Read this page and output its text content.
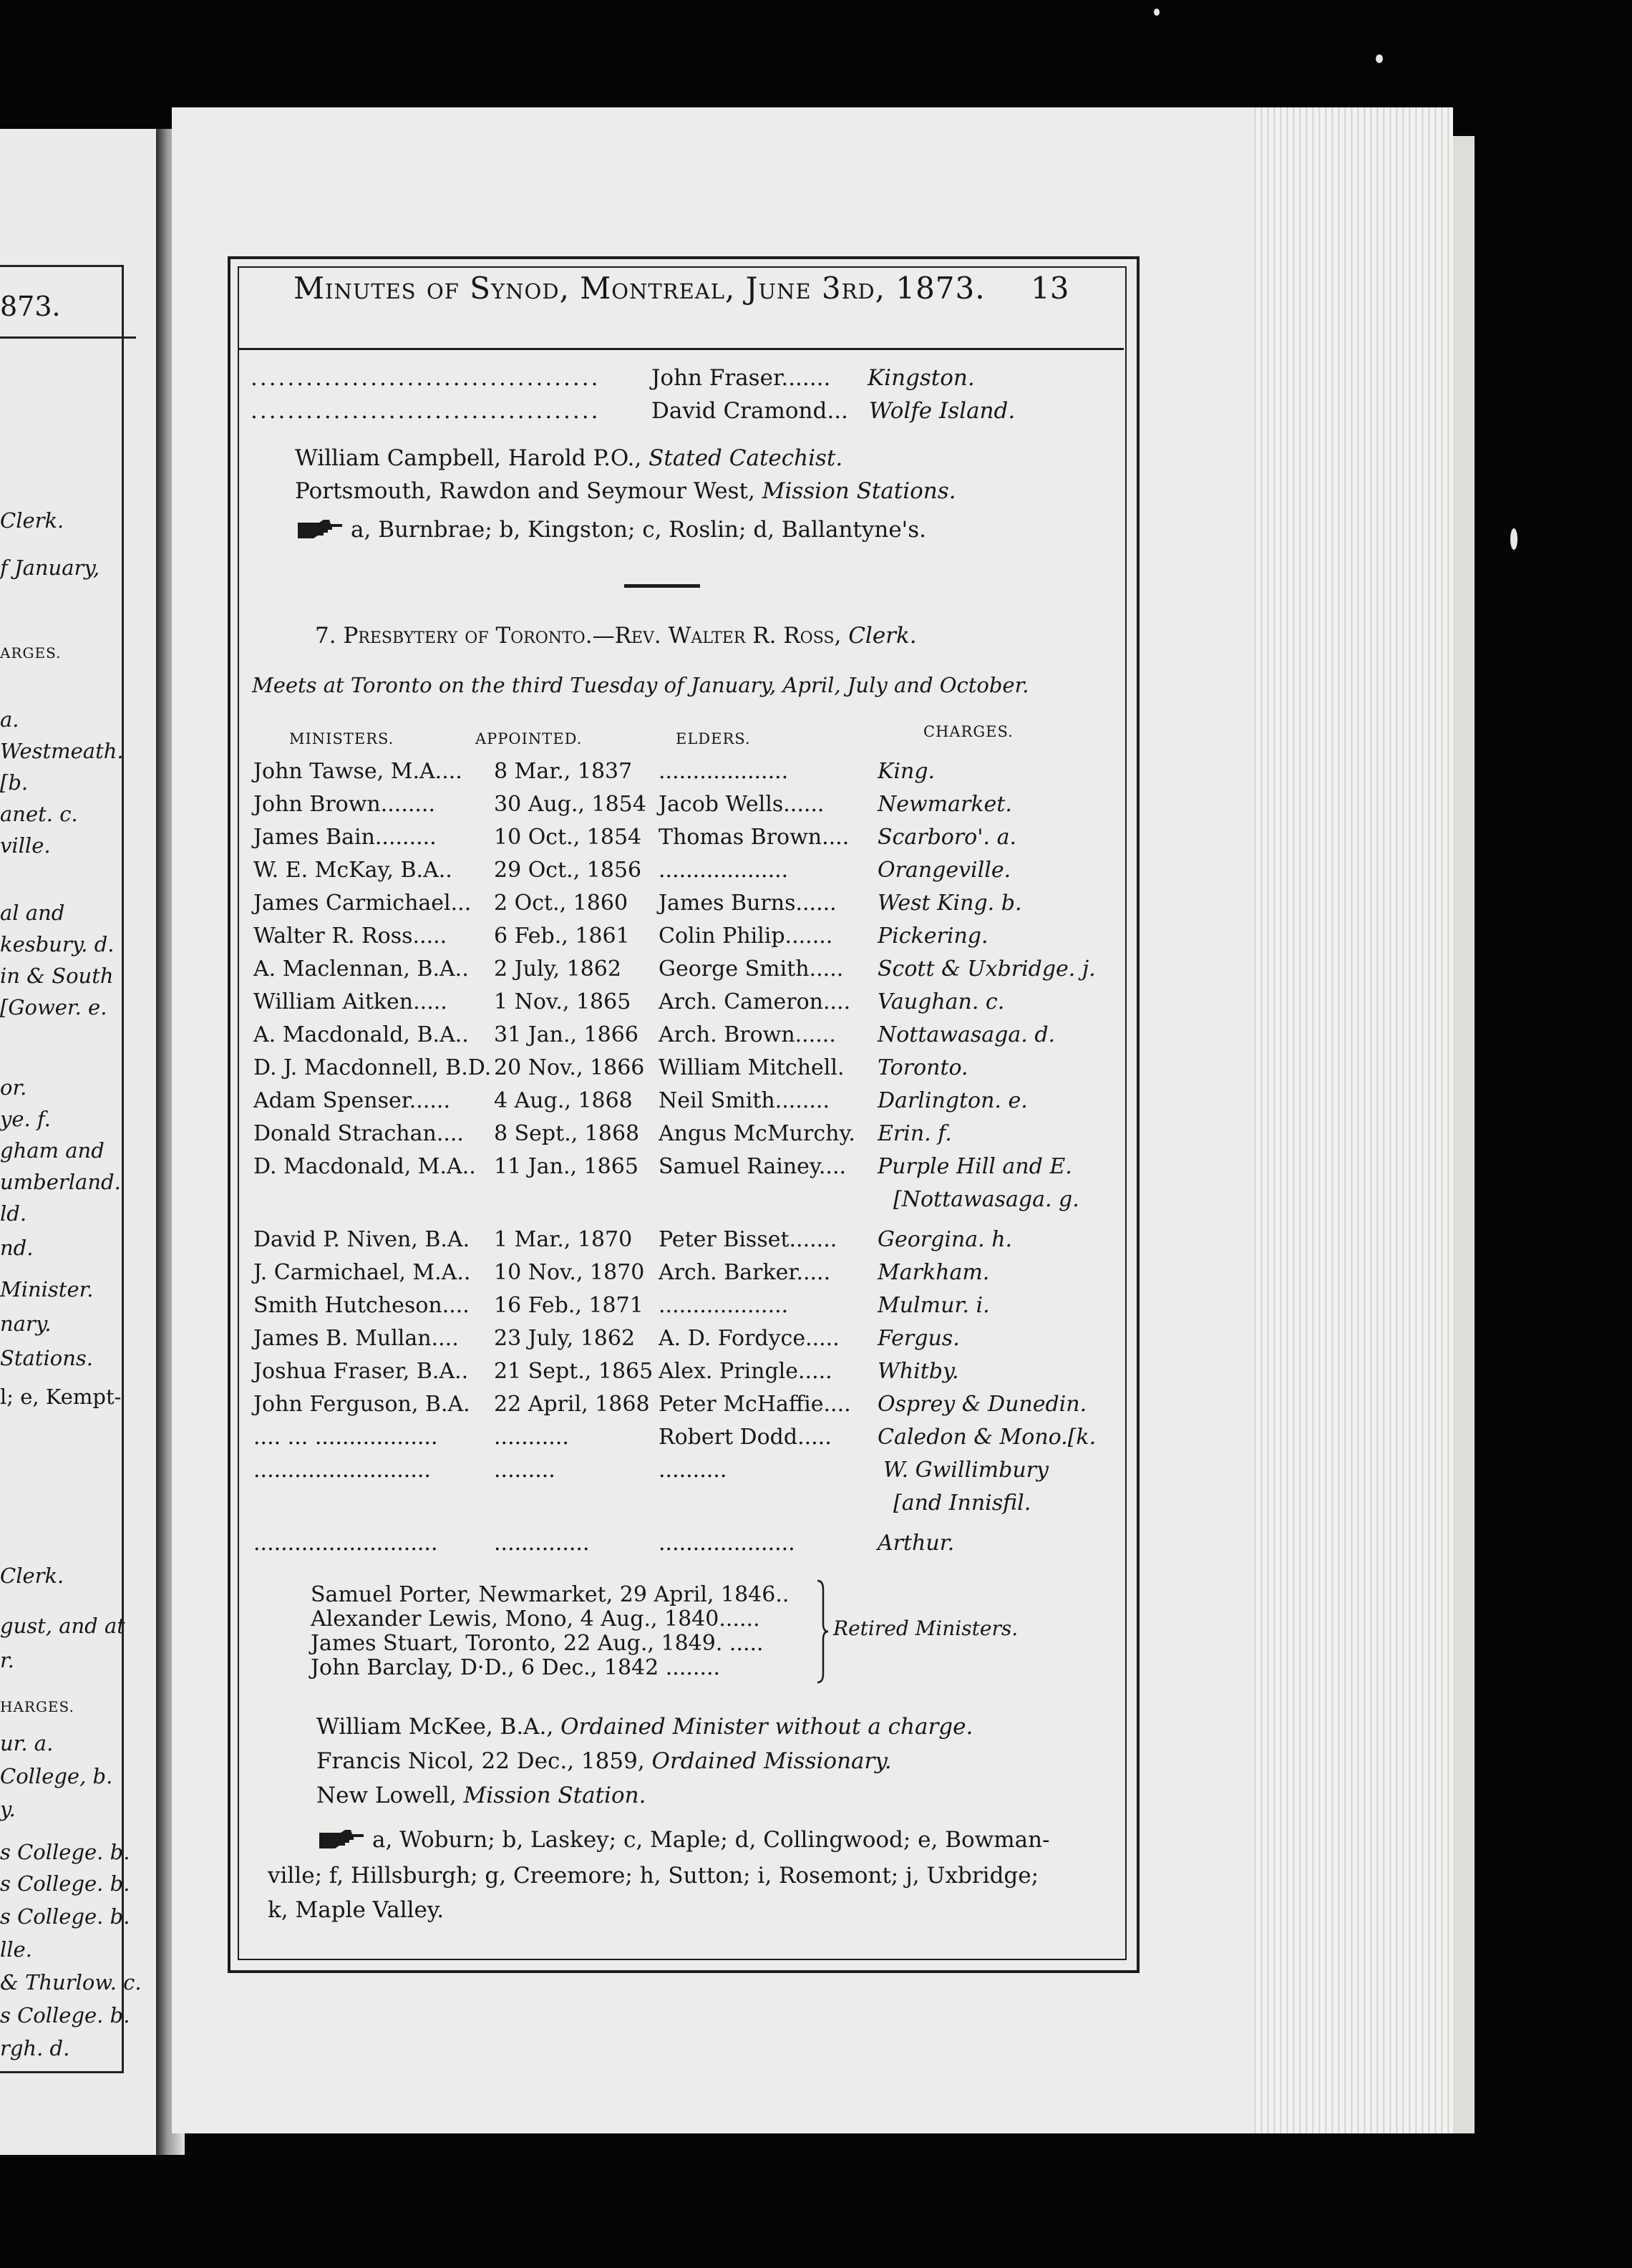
873.
Clerk.
f January,
ARGES.
a.
Westmeath.
[b.
anet. c.
ville.
al and
kesbury. d.
in & South
[Gower. e.
or.
ye. f.
gham and
umberland.
ld.
nd.
Minister.
nary.
Stations.
l; e, Kempt-
Clerk.
gust, and at
r.
HARGES.
ur. a.
College, b.
y.
s College. b.
s College. b.
s College. b.
lle.
& Thurlow. c.
s College. b.
rgh. d.
Minutes of Synod, Montreal, June 3rd, 1873. 13
...................................... John Fraser....... Kingston.
...................................... David Cramond... Wolfe Island.
William Campbell, Harold P.O., Stated Catechist.
Portsmouth, Rawdon and Seymour West, Mission Stations.
a, Burnbrae; b, Kingston; c, Roslin; d, Ballantyne's.
7. Presbytery of Toronto.—Rev. Walter R. Ross, Clerk.
Meets at Toronto on the third Tuesday of January, April, July and October.
MINISTERS.	APPOINTED.	ELDERS.	CHARGES.
John Tawse, M.A.... 8 Mar., 1837 ...................	King.
John Brown........	30 Aug., 1854 Jacob Wells...... Newmarket.
James Bain.........	10 Oct., 1854 Thomas Brown.... Scarboro'. a.
W. E. McKay, B.A.. 29 Oct., 1856 ...................	Orangeville.
James Carmichael... 2 Oct., 1860 James Burns...... West King. b.
Walter R. Ross..... 6 Feb., 1861 Colin Philip....... Pickering.
A. Maclennan, B.A.. 2 July, 1862 George Smith..... Scott & Uxbridge. j.
William Aitken..... 1 Nov., 1865 Arch. Cameron.... Vaughan. c.
A. Macdonald, B.A.. 31 Jan., 1866 Arch. Brown...... Nottawasaga. d.
D. J. Macdonnell, B.D. 20 Nov., 1866 William Mitchell. Toronto.
Adam Spenser...... 4 Aug., 1868 Neil Smith........ Darlington. e.
Donald Strachan.... 8 Sept., 1868 Angus McMurchy. Erin. f.
D. Macdonald, M.A.. 11 Jan., 1865 Samuel Rainey.... Purple Hill and E.
[Nottawasaga. g.
David P. Niven, B.A. 1 Mar., 1870 Peter Bisset....... Georgina. h.
J. Carmichael, M.A.. 10 Nov., 1870 Arch. Barker..... Markham.
Smith Hutcheson.... 16 Feb., 1871 ...................	Mulmur. i.
James B. Mullan.... 23 July, 1862 A. D. Fordyce..... Fergus.
Joshua Fraser, B.A.. 21 Sept., 1865 Alex. Pringle..... Whitby.
John Ferguson, B.A. 22 April, 1868 Peter McHaffie.... Osprey & Dunedin.
.... ... ..................	...........	Robert Dodd..... Caledon & Mono.[k.
..........................	.........	..........	W. Gwillimbury
[and Innisfil.
...........................	..............	....................	Arthur.
Samuel Porter, Newmarket, 29 April, 1846..
Alexander Lewis, Mono, 4 Aug., 1840......
James Stuart, Toronto, 22 Aug., 1849. .....
John Barclay, D·D., 6 Dec., 1842 ........
Retired Ministers.
William McKee, B.A., Ordained Minister without a charge.
Francis Nicol, 22 Dec., 1859, Ordained Missionary.
New Lowell, Mission Station.
a, Woburn; b, Laskey; c, Maple; d, Collingwood; e, Bowman-
ville; f, Hillsburgh; g, Creemore; h, Sutton; i, Rosemont; j, Uxbridge;
k, Maple Valley.
